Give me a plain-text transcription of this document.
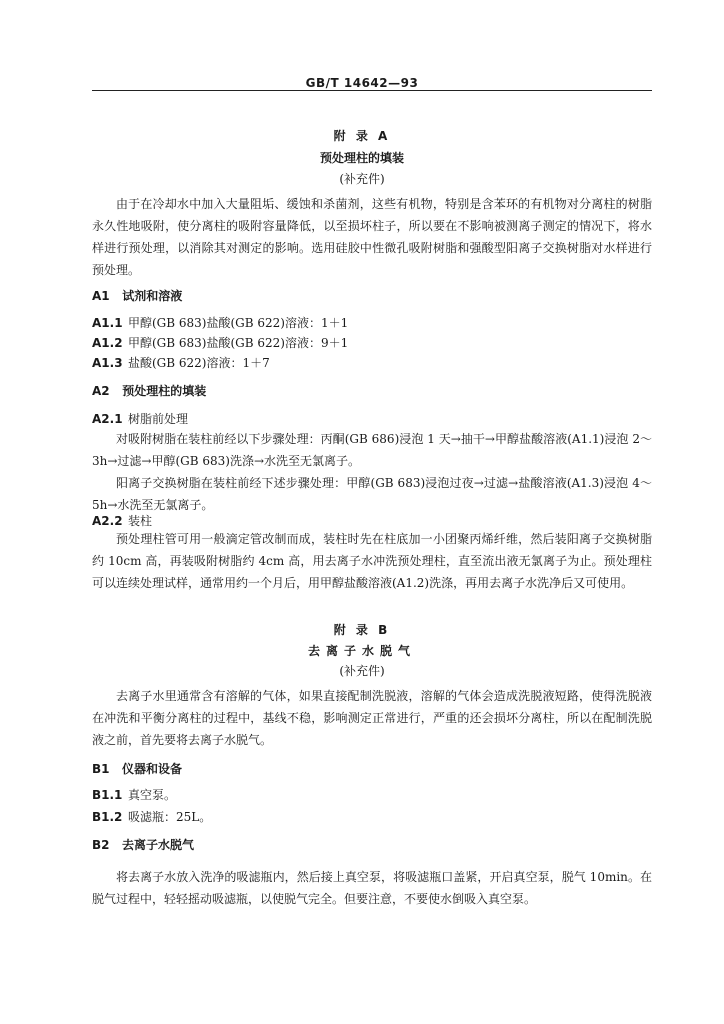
GB/T 14642—93
附 录 A
预处理柱的填装
(补充件)

由于在冷却水中加入大量阻垢、缓蚀和杀菌剂，这些有机物，特别是含苯环的有机物对分离柱的树脂永久性地吸附，使分离柱的吸附容量降低，以至损坏柱子，所以要在不影响被测离子测定的情况下，将水样进行预处理，以消除其对测定的影响。选用硅胶中性微孔吸附树脂和强酸型阳离子交换树脂对水样进行预处理。

A1 试剂和溶液
A1.1 甲醇(GB 683)盐酸(GB 622)溶液：1＋1
A1.2 甲醇(GB 683)盐酸(GB 622)溶液：9＋1
A1.3 盐酸(GB 622)溶液：1＋7
A2 预处理柱的填装
A2.1 树脂前处理

对吸附树脂在装柱前经以下步骤处理：丙酮(GB 686)浸泡 1 天→抽干→甲醇盐酸溶液(A1.1)浸泡 2～3h→过滤→甲醇(GB 683)洗涤→水洗至无氯离子。

阳离子交换树脂在装柱前经下述步骤处理：甲醇(GB 683)浸泡过夜→过滤→盐酸溶液(A1.3)浸泡 4～5h→水洗至无氯离子。

A2.2 装柱

预处理柱管可用一般滴定管改制而成，装柱时先在柱底加一小团聚丙烯纤维，然后装阳离子交换树脂约 10cm 高，再装吸附树脂约 4cm 高，用去离子水冲洗预处理柱，直至流出液无氯离子为止。预处理柱可以连续处理试样，通常用约一个月后，用甲醇盐酸溶液(A1.2)洗涤，再用去离子水洗净后又可使用。

附 录 B
去离子水脱气
(补充件)

去离子水里通常含有溶解的气体，如果直接配制洗脱液，溶解的气体会造成洗脱液短路，使得洗脱液在冲洗和平衡分离柱的过程中，基线不稳，影响测定正常进行，严重的还会损坏分离柱，所以在配制洗脱液之前，首先要将去离子水脱气。

B1 仪器和设备
B1.1 真空泵。
B1.2 吸滤瓶：25L。
B2 去离子水脱气

将去离子水放入洗净的吸滤瓶内，然后接上真空泵，将吸滤瓶口盖紧，开启真空泵，脱气 10min。在脱气过程中，轻轻摇动吸滤瓶，以使脱气完全。但要注意，不要使水倒吸入真空泵。
